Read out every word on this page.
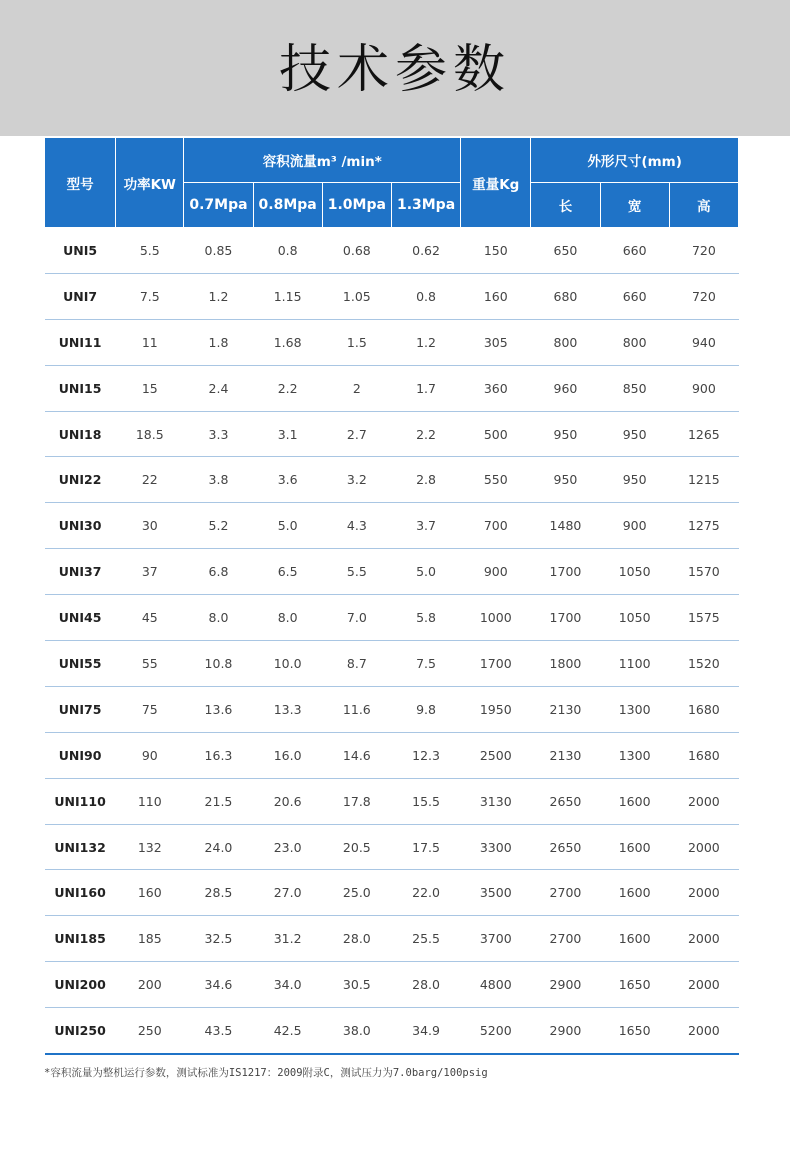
技术参数
型号	功率KW	容积流量m³ /min*				重量Kg	外形尺寸(mm)		
		0.7Mpa	0.8Mpa	1.0Mpa	1.3Mpa		长	宽	高
UNI5	5.5	0.85	0.8	0.68	0.62	150	650	660	720
UNI7	7.5	1.2	1.15	1.05	0.8	160	680	660	720
UNI11	11	1.8	1.68	1.5	1.2	305	800	800	940
UNI15	15	2.4	2.2	2	1.7	360	960	850	900
UNI18	18.5	3.3	3.1	2.7	2.2	500	950	950	1265
UNI22	22	3.8	3.6	3.2	2.8	550	950	950	1215
UNI30	30	5.2	5.0	4.3	3.7	700	1480	900	1275
UNI37	37	6.8	6.5	5.5	5.0	900	1700	1050	1570
UNI45	45	8.0	8.0	7.0	5.8	1000	1700	1050	1575
UNI55	55	10.8	10.0	8.7	7.5	1700	1800	1100	1520
UNI75	75	13.6	13.3	11.6	9.8	1950	2130	1300	1680
UNI90	90	16.3	16.0	14.6	12.3	2500	2130	1300	1680
UNI110	110	21.5	20.6	17.8	15.5	3130	2650	1600	2000
UNI132	132	24.0	23.0	20.5	17.5	3300	2650	1600	2000
UNI160	160	28.5	27.0	25.0	22.0	3500	2700	1600	2000
UNI185	185	32.5	31.2	28.0	25.5	3700	2700	1600	2000
UNI200	200	34.6	34.0	30.5	28.0	4800	2900	1650	2000
UNI250	250	43.5	42.5	38.0	34.9	5200	2900	1650	2000
*容积流量为整机运行参数，测试标准为IS1217：2009附录C，测试压力为7.0barg/100psig
